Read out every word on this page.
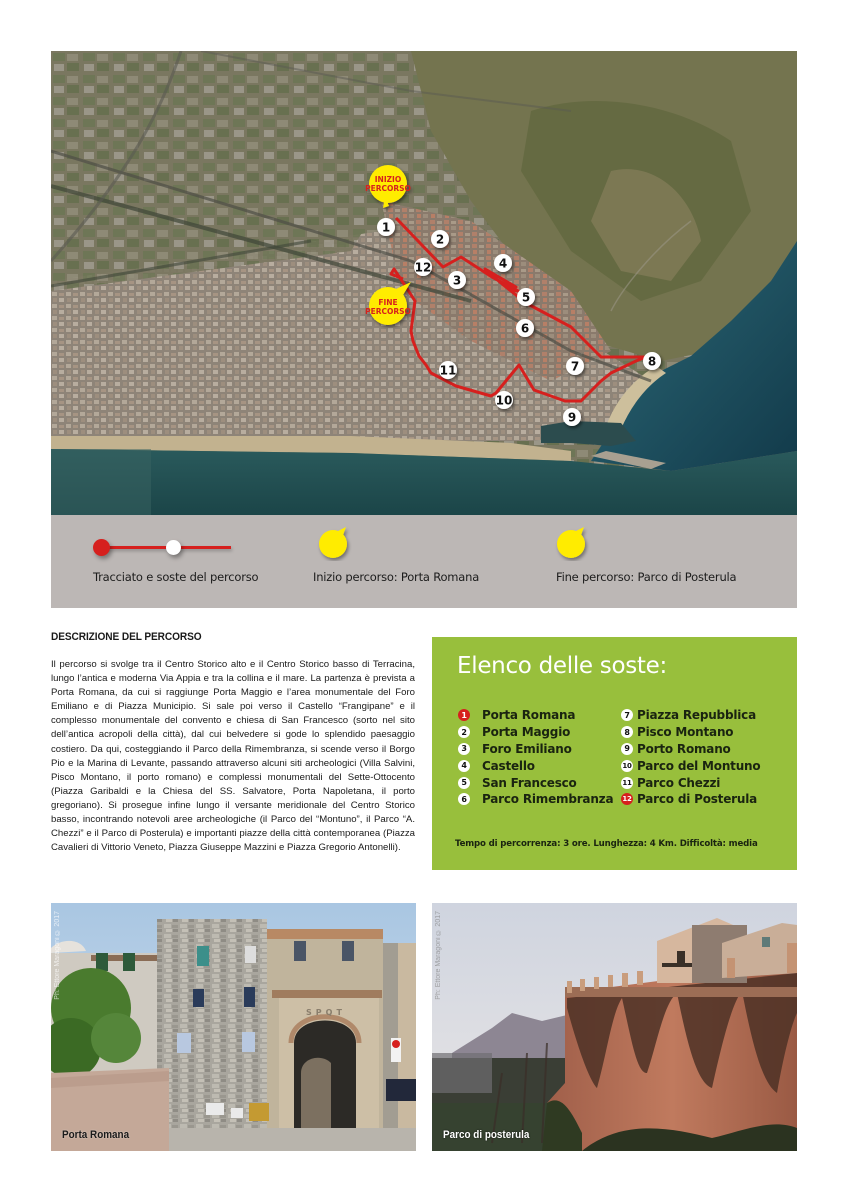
1
2
3
4
5
6
7	8
9
10
11
12
INIZIO
PERCORSO
FINE
PERCORSO
Tracciato e soste del percorso	Inizio percorso: Porta Romana	Fine percorso: Parco di Posterula
DESCRIZIONE DEL PERCORSO

Il percorso si svolge tra il Centro Storico alto e il Centro Storico basso di Terracina, lungo l’antica e moderna Via Appia e tra la collina e il mare. La partenza è prevista a Porta Romana, da cui si raggiunge Porta Maggio e l’area monumentale del Foro Emiliano e di Piazza Municipio. Si sale poi verso il Castello “Frangipane” e il complesso monumentale del convento e chiesa di San Francesco (sorto nel sito dell’antica acropoli della città), dal cui belvedere si gode lo splendido paesaggio costiero. Da qui, costeggiando il Parco della Rimembranza, si scende verso il Borgo Pio e la Marina di Levante, passando attraverso alcuni siti archeologici (Villa Salvini, Pisco Montano, il porto romano) e complessi monumentali del Sette-Ottocento (Piazza Garibaldi e la Chiesa del SS. Salvatore, Porta Napoletana, il porto gregoriano). Si prosegue infine lungo il versante meridionale del Centro Storico basso, incontrando notevoli aree archeologiche (il Parco del “Montuno”, il Parco “A. Chezzi” e il Parco di Posterula) e importanti piazze della città contemporanea (Piazza Cavalieri di Vittorio Veneto, Piazza Giuseppe Mazzini e Piazza Gregorio Antonelli).

Elenco delle soste:
1 Porta Romana
2 Porta Maggio
3 Foro Emiliano
4 Castello
5 San Francesco
6 Parco Rimembranza
7 Piazza Repubblica
8 Pisco Montano
9 Porto Romano
10 Parco del Montuno
11 Parco Chezzi
12 Parco di Posterula
Tempo di percorrenza: 3 ore. Lunghezza: 4 Km. Difficoltà: media
SPQT
Ph: Ettore Maragoni © 2017
Porta Romana
Ph: Ettore Maragoni © 2017
Parco di posterula
